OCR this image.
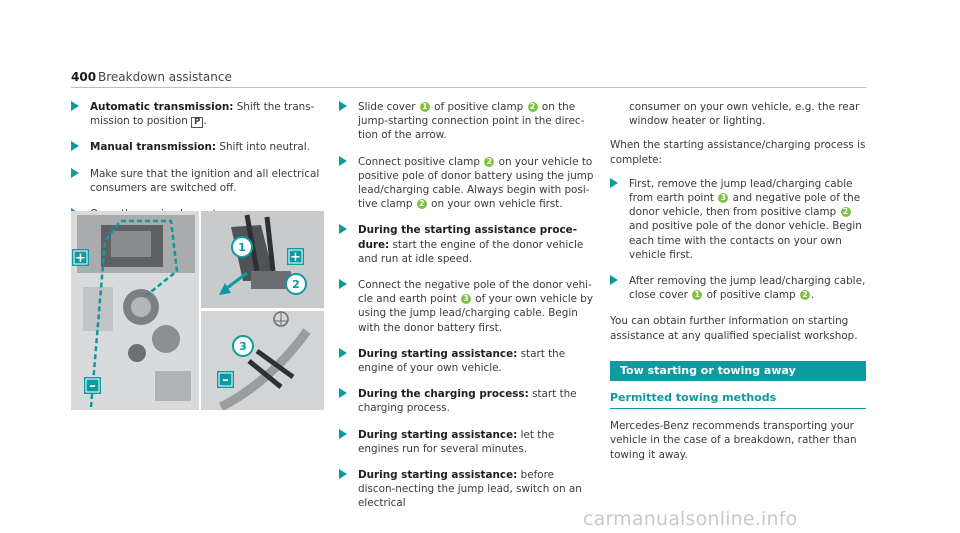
400 Breakdown assistance
Automatic transmission: Shift the trans-mission to position P .
Manual transmission: Shift into neutral.
Make sure that the ignition and all electrical consumers are switched off.
+
–
1
2
+
3
–
Slide cover 1 of positive clamp 2 on the jump-starting connection point in the direc-tion of the arrow.
Connect positive clamp 2 on your vehicle to positive pole of donor battery using the jump lead/charging cable. Always begin with posi-tive clamp 2 on your own vehicle first.
During the starting assistance proce-dure: start the engine of the donor vehicle and run at idle speed.
Connect the negative pole of the donor vehi-cle and earth point 3 of your own vehicle by using the jump lead/charging cable. Begin with the donor battery first.
During starting assistance: start the engine of your own vehicle.
During the charging process: start the charging process.
During starting assistance: let the engines run for several minutes.
During starting assistance: before discon-necting the jump lead, switch on an electrical
consumer on your own vehicle, e.g. the rear window heater or lighting.
When the starting assistance/charging process is complete:
First, remove the jump lead/charging cable from earth point 3 and negative pole of the donor vehicle, then from positive clamp 2 and positive pole of the donor vehicle. Begin each time with the contacts on your own vehicle first.
After removing the jump lead/charging cable, close cover 1 of positive clamp 2 .
You can obtain further information on starting assistance at any qualified specialist workshop.
Tow starting or towing away
Permitted towing methods
Mercedes-Benz recommends transporting your vehicle in the case of a breakdown, rather than towing it away.
carmanualsonline.info
